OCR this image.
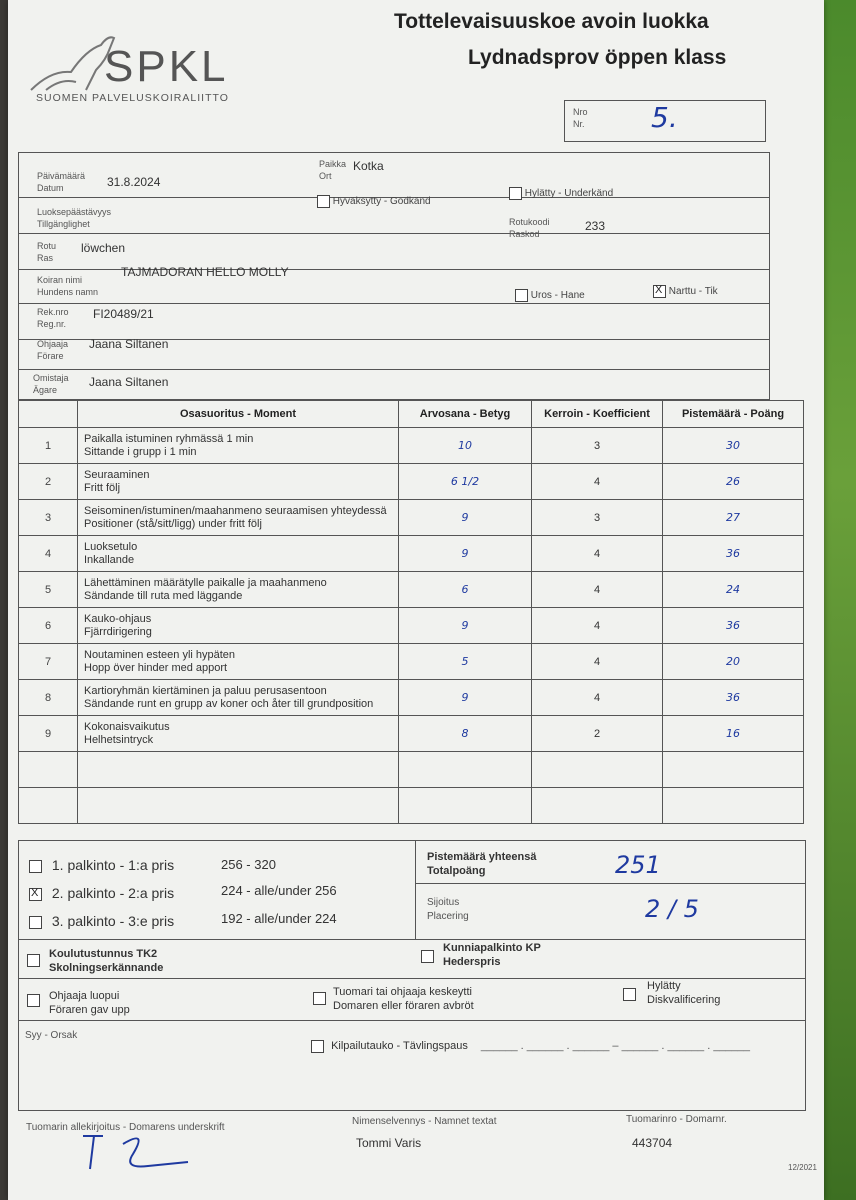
SPKL
SUOMEN PALVELUSKOIRALIITTO
Tottelevaisuuskoe avoin luokka
Lydnadsprov öppen klass
Nro
Nr. 5.
Päivämäärä
Datum	31.8.2024
Paikka
Ort
Kotka
Luoksepäästävyys
Tillgänglighet
Hyväksytty - Godkänd
Hylätty - Underkänd
Rotukoodi
Raskod
233
Rotu
Ras
löwchen
Koiran nimi
Hundens namn
TAJMADORAN HELLO MOLLY
Uros - Hane X	Narttu - Tik
Rek.nro
Reg.nr.
FI20489/21
Ohjaaja
Förare
Jaana Siltanen
Omistaja
Ägare
Jaana Siltanen
	Osasuoritus - Moment	Arvosana - Betyg	Kerroin - Koefficient	Pistemäärä - Poäng
1	Paikalla istuminen ryhmässä 1 min
Sittande i grupp i 1 min	10	3	30
2	Seuraaminen
Fritt följ	6 1/2	4	26
3	Seisominen/istuminen/maahanmeno seuraamisen yhteydessä
Positioner (stå/sitt/ligg) under fritt följ	9	3	27
4	Luoksetulo
Inkallande	9	4	36
5	Lähettäminen määrätylle paikalle ja maahanmeno
Sändande till ruta med läggande	6	4	24
6	Kauko-ohjaus
Fjärrdirigering	9	4	36
7	Noutaminen esteen yli hypäten
Hopp över hinder med apport	5	4	20
8	Kartioryhmän kiertäminen ja paluu perusasentoon
Sändande runt en grupp av koner och åter till grundposition	9	4	36
9	Kokonaisvaikutus
Helhetsintryck	8	2	16

1. palkinto - 1:a pris	256 - 320
X 2. palkinto - 2:a pris	224 - alle/under 256
3. palkinto - 3:e pris	192 - alle/under 224
Pistemäärä yhteensä
Totalpoäng	251
Sijoitus
Placering	2 / 5
Koulutustunnus TK2
Skolningserkännande
Kunniapalkinto KP
Hederspris
Ohjaaja luopui
Föraren gav upp
Tuomari tai ohjaaja keskeytti
Domaren eller föraren avbröt
Hylätty
Diskvalificering
Syy - Orsak
Kilpailutauko - Tävlingspaus ______ . ______ . ______ – ______ . ______ . ______
Tuomarin allekirjoitus - Domarens underskrift
Nimenselvennys - Namnet textat
Tommi Varis
Tuomarinro - Domarnr.
443704
12/2021
